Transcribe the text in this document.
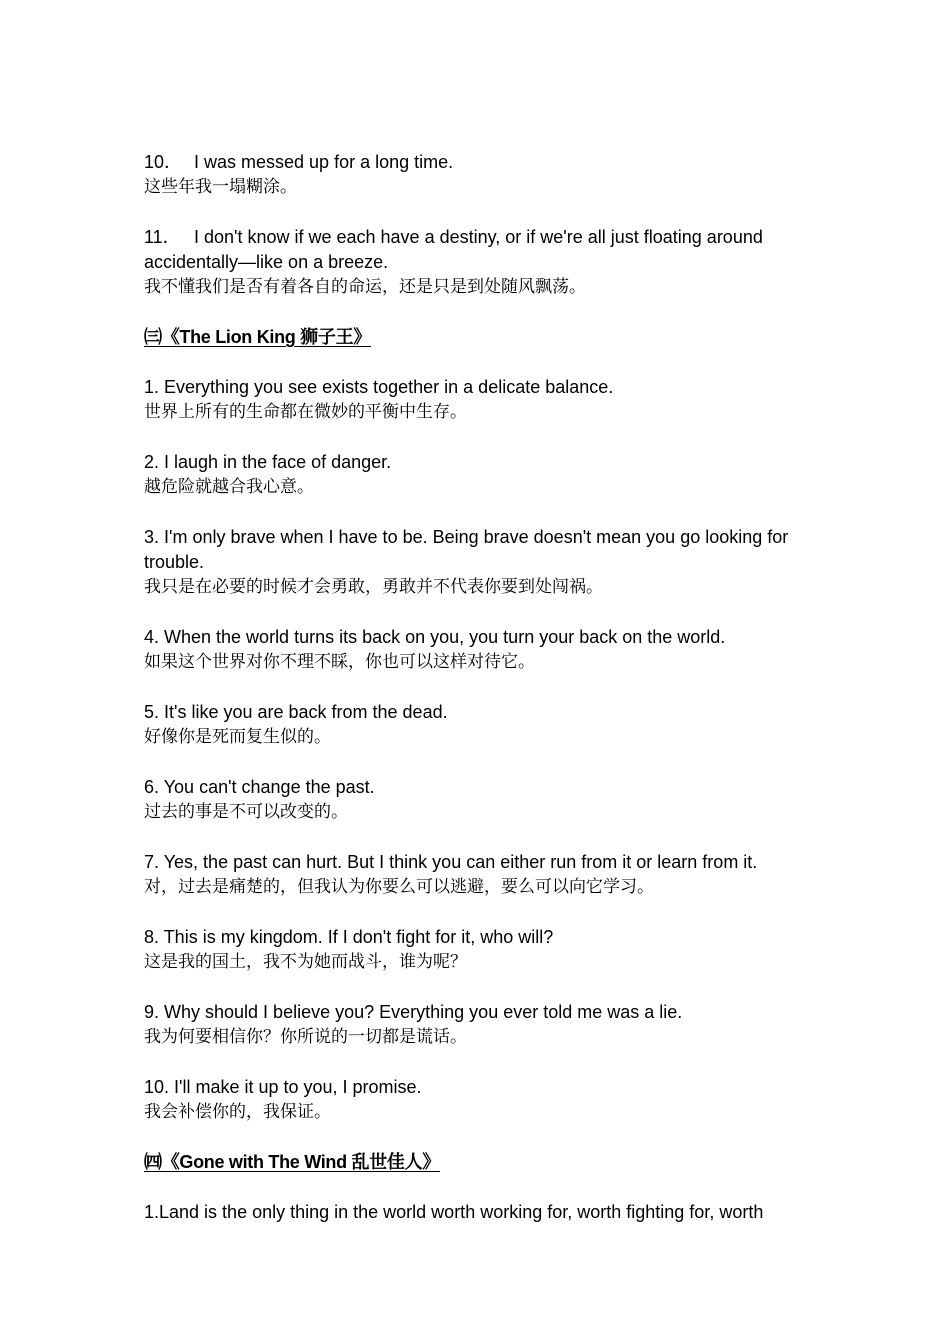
10． I was messed up for a long time.

这些年我一塌糊涂。

11． I don't know if we each have a destiny, or if we're all just floating around accidentally—like on a breeze.

我不懂我们是否有着各自的命运，还是只是到处随风飘荡。

㈢《The Lion King 狮子王》

1. Everything you see exists together in a delicate balance.

世界上所有的生命都在微妙的平衡中生存。

2. I laugh in the face of danger.

越危险就越合我心意。

3. I'm only brave when I have to be. Being brave doesn't mean you go looking for trouble.

我只是在必要的时候才会勇敢，勇敢并不代表你要到处闯祸。

4. When the world turns its back on you, you turn your back on the world.

如果这个世界对你不理不睬，你也可以这样对待它。

5. It's like you are back from the dead.

好像你是死而复生似的。

6. You can't change the past.

过去的事是不可以改变的。

7. Yes, the past can hurt. But I think you can either run from it or learn from it.

对，过去是痛楚的，但我认为你要么可以逃避，要么可以向它学习。

8. This is my kingdom. If I don't fight for it, who will?

这是我的国土，我不为她而战斗，谁为呢？

9. Why should I believe you? Everything you ever told me was a lie.

我为何要相信你？你所说的一切都是谎话。

10. I'll make it up to you, I promise.

我会补偿你的，我保证。

㈣《Gone with The Wind 乱世佳人》

1.Land is the only thing in the world worth working for, worth fighting for, worth
